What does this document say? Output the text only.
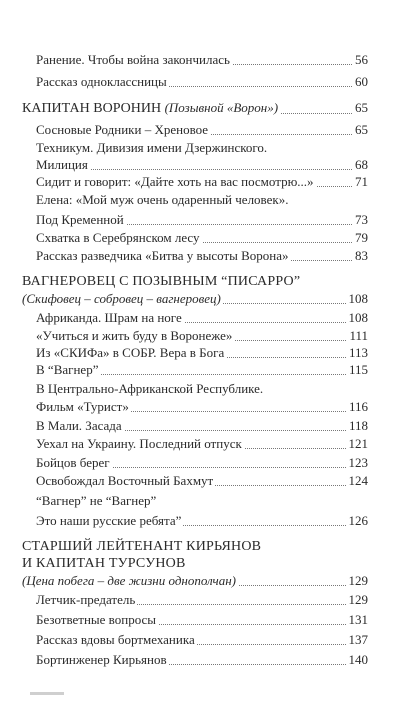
Ранение. Чтобы война закончилась	56
Рассказ одноклассницы	60
КАПИТАН ВОРОНИН (Позывной «Ворон»)	65
Сосновые Родники – Хреновое	65
Техникум. Дивизия имени Дзержинского.
Милиция	68
Сидит и говорит: «Дайте хоть на вас посмотрю...»	71
Елена: «Мой муж очень одаренный человек».
Под Кременной	73
Схватка в Серебрянском лесу	79
Рассказ разведчика «Битва у высоты Ворона»	83
ВАГНЕРОВЕЦ С ПОЗЫВНЫМ “ПИСАРРО”
(Скифовец – собровец – вагнеровец)	108
Африканда. Шрам на ноге	108
«Учиться и жить буду в Воронеже»	111
Из «СКИФа» в СОБР. Вера в Бога	113
В “Вагнер”	115
В Центрально-Африканской Республике.
Фильм «Турист»	116
В Мали. Засада	118
Уехал на Украину. Последний отпуск	121
Бойцов берег	123
Освобождал Восточный Бахмут	124
“Вагнер” не “Вагнер”
Это наши русские ребята”	126
СТАРШИЙ ЛЕЙТЕНАНТ КИРЬЯНОВ
И КАПИТАН ТУРСУНОВ
(Цена побега – две жизни однополчан)	129
Летчик-предатель	129
Безответные вопросы	131
Рассказ вдовы бортмеханика	137
Бортинженер Кирьянов	140
